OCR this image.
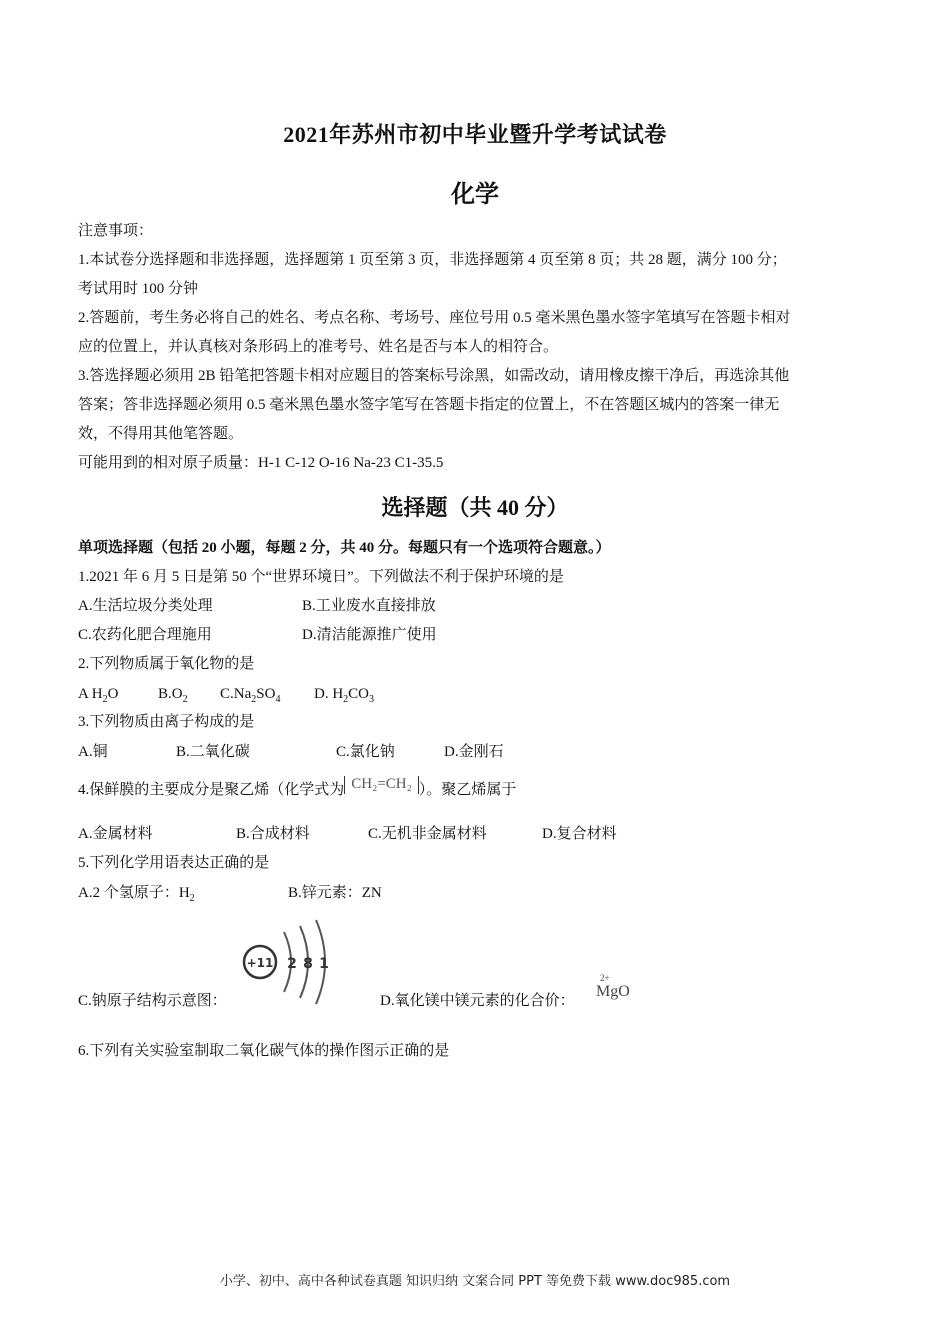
2021年苏州市初中毕业暨升学考试试卷
化学
注意事项：
1.本试卷分选择题和非选择题，选择题第 1 页至第 3 页，非选择题第 4 页至第 8 页；共 28 题，满分 100 分；
考试用时 100 分钟
2.答题前，考生务必将自己的姓名、考点名称、考场号、座位号用 0.5 毫米黑色墨水签字笔填写在答题卡相对
应的位置上，并认真核对条形码上的准考号、姓名是否与本人的相符合。
3.答选择题必须用 2B 铅笔把答题卡相对应题目的答案标号涂黑，如需改动，请用橡皮擦干净后，再选涂其他
答案；答非选择题必须用 0.5 毫米黑色墨水签字笔写在答题卡指定的位置上，不在答题区城内的答案一律无
效，不得用其他笔答题。
可能用到的相对原子质量：H-1 C-12 O-16 Na-23 C1-35.5
选择题（共 40 分）
单项选择题（包括 20 小题，每题 2 分，共 40 分。每题只有一个选项符合题意。）
1.2021 年 6 月 5 日是第 50 个“世界环境日”。下列做法不利于保护环境的是
A.生活垃圾分类处理	B.工业废水直接排放
C.农药化肥合理施用	D.清洁能源推广使用
2.下列物质属于氧化物的是
A $H_2O$	$B.O_2$ $C.Na_2SO_4$ D. $H_2CO_3$
3.下列物质由离子构成的是
A.铜	B.二氧化碳	C.氯化钠	D.金刚石
4.保鲜膜的主要成分是聚乙烯（化学式为 CH₂=CH₂ ）。聚乙烯属于
A.金属材料	B.合成材料	C.无机非金属材料	D.复合材料
5.下列化学用语表达正确的是
A.2 个氢原子：$H_2$	B.锌元素：ZN
+11 2 8 1
C.钠原子结构示意图：	D.氧化镁中镁元素的化合价：
2+
MgO
6.下列有关实验室制取二氧化碳气体的操作图示正确的是
小学、初中、高中各种试卷真题 知识归纳 文案合同 PPT 等免费下载 www.doc985.com
